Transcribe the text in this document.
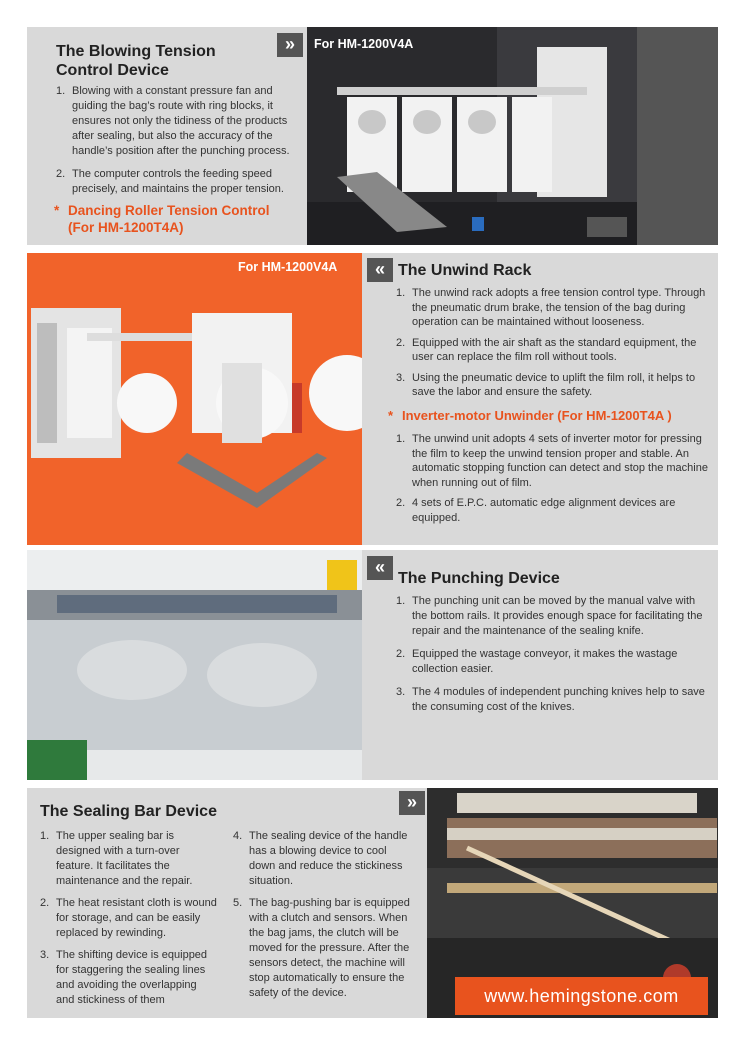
The Blowing Tension
Control Device
1. Blowing with a constant pressure fan and guiding the bag’s route with ring blocks, it ensures not only the tidiness of the products after sealing, but also the accuracy of the handle’s position after the punching process.
2. The computer controls the feeding speed precisely, and maintains the proper tension.
* Dancing Roller Tension Control
(For HM-1200T4A)
»	For HM-1200V4A
For HM-1200V4A	« The Unwind Rack
1. The unwind rack adopts a free tension control type. Through the pneumatic drum brake, the tension of the bag during operation can be maintained without looseness.
2. Equipped with the air shaft as the standard equipment, the user can replace the film roll without tools.
3. Using the pneumatic device to uplift the film roll, it helps to save the labor and ensure the safety.
* Inverter-motor Unwinder (For HM-1200T4A )
1. The unwind unit adopts 4 sets of inverter motor for pressing the film to keep the unwind tension proper and stable. An automatic stopping function can detect and stop the machine when running out of film.
2. 4 sets of E.P.C. automatic edge alignment devices are equipped.
«
The Punching Device
1. The punching unit can be moved by the manual valve with the bottom rails. It provides enough space for facilitating the repair and the maintenance of the sealing knife.
2. Equipped the wastage conveyor, it makes the wastage collection easier.
3. The 4 modules of independent punching knives help to save the consuming cost of the knives.
The Sealing Bar Device	»
1. The upper sealing bar is designed with a turn-over feature. It facilitates the maintenance and the repair.
2. The heat resistant cloth is wound for storage, and can be easily replaced by rewinding.
3. The shifting device is equipped for staggering the sealing lines and avoiding the overlapping and stickiness of them
4. The sealing device of the handle has a blowing device to cool down and reduce the stickiness situation.
5. The bag-pushing bar is equipped with a clutch and sensors. When the bag jams, the clutch will be moved for the pressure. After the sensors detect, the machine will stop automatically to ensure the safety of the device.	www.hemingstone.com
